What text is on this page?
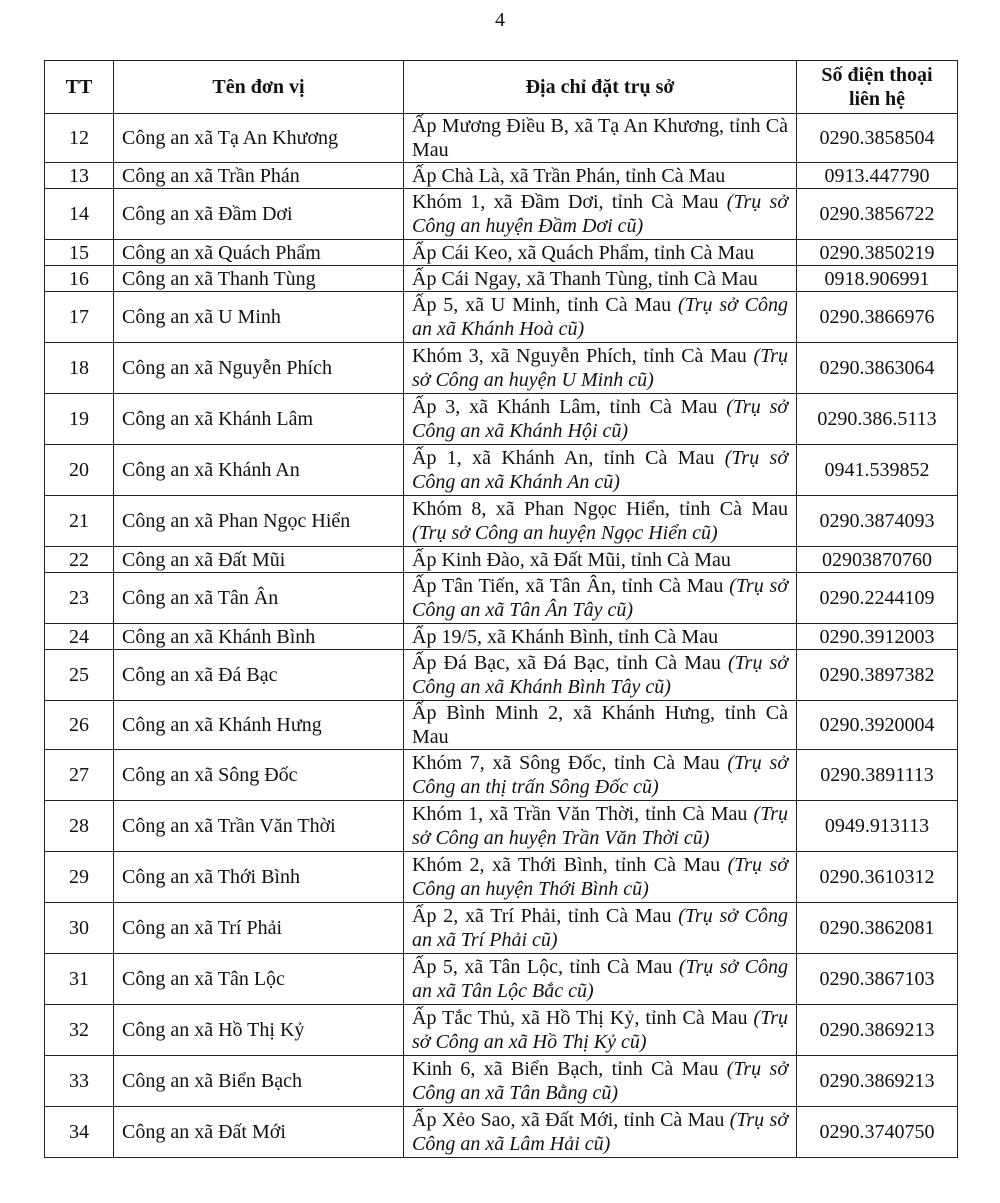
4
TT	Tên đơn vị	Địa chỉ đặt trụ sở	Số điện thoại liên hệ
12	Công an xã Tạ An Khương	Ấp Mương Điều B, xã Tạ An Khương, tỉnh Cà Mau	0290.3858504
13	Công an xã Trần Phán	Ấp Chà Là, xã Trần Phán, tỉnh Cà Mau	0913.447790
14	Công an xã Đầm Dơi	Khóm 1, xã Đầm Dơi, tỉnh Cà Mau (Trụ sở Công an huyện Đầm Dơi cũ)	0290.3856722
15	Công an xã Quách Phẩm	Ấp Cái Keo, xã Quách Phẩm, tỉnh Cà Mau	0290.3850219
16	Công an xã Thanh Tùng	Ấp Cái Ngay, xã Thanh Tùng, tỉnh Cà Mau	0918.906991
17	Công an xã U Minh	Ấp 5, xã U Minh, tỉnh Cà Mau (Trụ sở Công an xã Khánh Hoà cũ)	0290.3866976
18	Công an xã Nguyễn Phích	Khóm 3, xã Nguyễn Phích, tỉnh Cà Mau (Trụ sở Công an huyện U Minh cũ)	0290.3863064
19	Công an xã Khánh Lâm	Ấp 3, xã Khánh Lâm, tỉnh Cà Mau (Trụ sở Công an xã Khánh Hội cũ)	0290.386.5113
20	Công an xã Khánh An	Ấp 1, xã Khánh An, tỉnh Cà Mau (Trụ sở Công an xã Khánh An cũ)	0941.539852
21	Công an xã Phan Ngọc Hiển	Khóm 8, xã Phan Ngọc Hiển, tỉnh Cà Mau (Trụ sở Công an huyện Ngọc Hiển cũ)	0290.3874093
22	Công an xã Đất Mũi	Ấp Kinh Đào, xã Đất Mũi, tỉnh Cà Mau	02903870760
23	Công an xã Tân Ân	Ấp Tân Tiến, xã Tân Ân, tỉnh Cà Mau (Trụ sở Công an xã Tân Ân Tây cũ)	0290.2244109
24	Công an xã Khánh Bình	Ấp 19/5, xã Khánh Bình, tỉnh Cà Mau	0290.3912003
25	Công an xã Đá Bạc	Ấp Đá Bạc, xã Đá Bạc, tỉnh Cà Mau (Trụ sở Công an xã Khánh Bình Tây cũ)	0290.3897382
26	Công an xã Khánh Hưng	Ấp Bình Minh 2, xã Khánh Hưng, tỉnh Cà Mau	0290.3920004
27	Công an xã Sông Đốc	Khóm 7, xã Sông Đốc, tỉnh Cà Mau (Trụ sở Công an thị trấn Sông Đốc cũ)	0290.3891113
28	Công an xã Trần Văn Thời	Khóm 1, xã Trần Văn Thời, tỉnh Cà Mau (Trụ sở Công an huyện Trần Văn Thời cũ)	0949.913113
29	Công an xã Thới Bình	Khóm 2, xã Thới Bình, tỉnh Cà Mau (Trụ sở Công an huyện Thới Bình cũ)	0290.3610312
30	Công an xã Trí Phải	Ấp 2, xã Trí Phải, tỉnh Cà Mau (Trụ sở Công an xã Trí Phải cũ)	0290.3862081
31	Công an xã Tân Lộc	Ấp 5, xã Tân Lộc, tỉnh Cà Mau (Trụ sở Công an xã Tân Lộc Bắc cũ)	0290.3867103
32	Công an xã Hồ Thị Kỷ	Ấp Tắc Thủ, xã Hồ Thị Kỷ, tỉnh Cà Mau (Trụ sở Công an xã Hồ Thị Kỷ cũ)	0290.3869213
33	Công an xã Biển Bạch	Kinh 6, xã Biển Bạch, tỉnh Cà Mau (Trụ sở Công an xã Tân Bằng cũ)	0290.3869213
34	Công an xã Đất Mới	Ấp Xẻo Sao, xã Đất Mới, tỉnh Cà Mau (Trụ sở Công an xã Lâm Hải cũ)	0290.3740750
